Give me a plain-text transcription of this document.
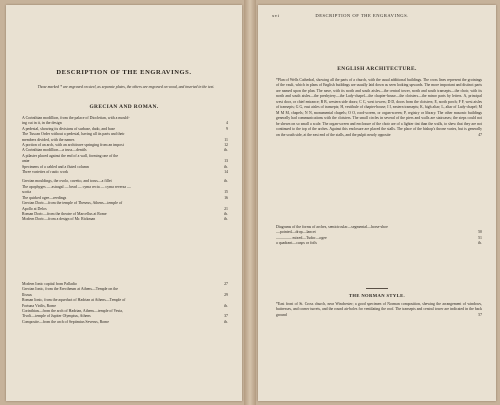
DESCRIPTION OF THE ENGRAVINGS.

Those marked * are engraved on steel, as separate plates, the others are engraved on wood, and inserted in the text.

GRECIAN AND ROMAN.
A Corinthian modillion, from the palace of Diocletian, with a mould-
ing cut in it, in the design	4
A pedestal, showing its divisions of surbase, dado, and base	9
The Tuscan Order without a pedestal, having all its parts and their
members divided, with the names	11
A portion of an arch, with an architrave springing from an impost	12
A Corinthian modillion—a truss—dentils	ib.
A pilaster placed against the end of a wall, forming one of the
antæ	13
Specimens of a cabled and a fluted column	ib.
Three varieties of rustic work	14
Grecian mouldings, the ovolo, cavetto, and torus—a fillet	ib.
The apophyges — astragal — bead — cyma recta — cyma reversa —
scotia	15
The quirked ogee—reedings	16
Grecian Doric—from the temple of Theseus, Athens—temple of
Apollo at Delos	21
Roman Doric—from the theatre of Marcellus at Rome	ib.
Modern Doric—from a design of Mr. Rickman	ib.
Modern Ionic capital from Palladio	27
Grecian Ionic, from the Erectheum at Athens—Temple on the
Ilissus	29
Roman Ionic, from the aqueduct of Hadrian at Athens—Temple of
Fortuna Virilis, Rome	ib.
Corinthian—from the arch of Hadrian, Athens—temple of Vesta,
Tivoli—temple of Jupiter Olympius, Athens	37
Composite—from the arch of Septimius Severus, Rome	ib.
xvi	DESCRIPTION OF THE ENGRAVINGS.
ENGLISH ARCHITECTURE.

*Plan of Wells Cathedral, showing all the parts of a church, with the usual additional buildings. The cross lines represent the groinings of the vault, which in plans of English buildings are usually laid down as seen looking upwards. The more important and distinct parts are named upon the plan. The nave, with its north and south aisles—the central tower, north and south transepts—the choir, with its north and south aisles—the presbytery—the Lady-chapel—the chapter-house—the cloisters—the minor parts by letters. A, principal west door, or chief entrance; B B, western side doors; C C, west towers; D D, doors from the cloisters; E, north porch; F F, west aisles of transepts; G G, east aisles of transepts; H, vestibule of chapter-house; I I, eastern transepts; K, high altar; L, altar of Lady-chapel; M M M M, chapels; N N, monumental chapels; O O, rood-screen, or organ-screen; P, registry or library. The other masonic buildings generally had communications with the cloisters. The small circles in several of the piers and walls are staircases; the steps could not be shewn on so small a scale. The organ-screen and enclosure of the choir are of a lighter tint than the walls, to shew that they are not continued to the top of the arches. Against this enclosure are placed the stalls. The place of the bishop's throne varies, but is generally on the south side, at the east end of the stalls, and the pulpit nearly opposite	47

Diagrams of the forms of arches, semicircular—segmental—horse-shoe
—pointed—drop—lancet	50
———— mixed—Tudor—ogee	51
a quadrant—cusps or foils	ib.
THE NORMAN STYLE.

*East front of St. Cross church, near Winchester; a good specimen of Norman composition, shewing the arrangement of windows, buttresses, and corner turrets, and the round air-holes for ventilating the roof. The transepts and central tower are indicated in the back ground	57
